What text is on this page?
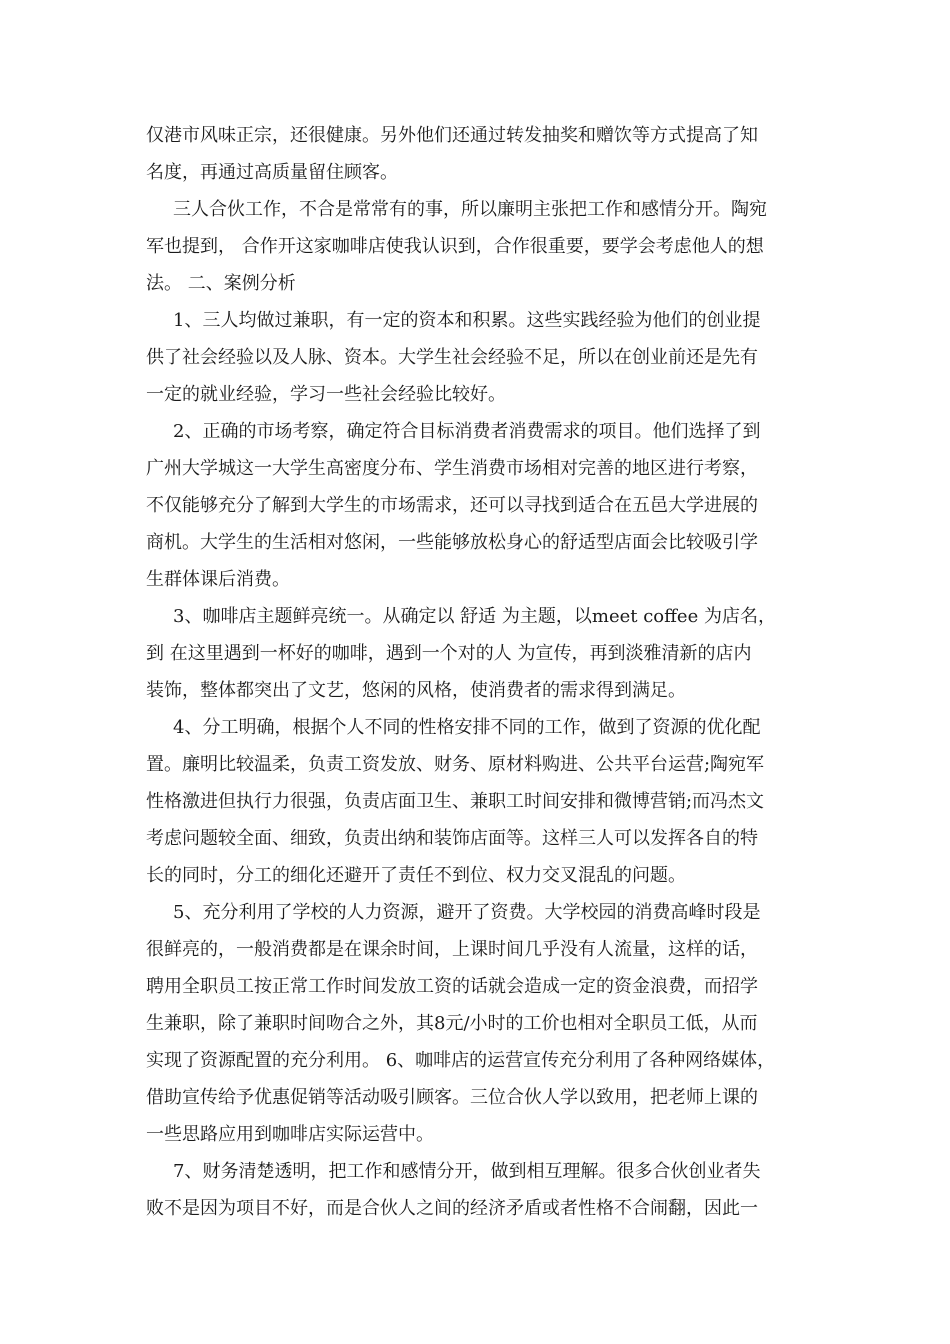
仅港市风味正宗，还很健康。另外他们还通过转发抽奖和赠饮等方式提高了知
名度，再通过高质量留住顾客。
三人合伙工作，不合是常常有的事，所以廉明主张把工作和感情分开。陶宛
军也提到， 合作开这家咖啡店使我认识到，合作很重要，要学会考虑他人的想
法。 二、案例分析
1、三人均做过兼职，有一定的资本和积累。这些实践经验为他们的创业提
供了社会经验以及人脉、资本。大学生社会经验不足，所以在创业前还是先有
一定的就业经验，学习一些社会经验比较好。
2、正确的市场考察，确定符合目标消费者消费需求的项目。他们选择了到
广州大学城这一大学生高密度分布、学生消费市场相对完善的地区进行考察，
不仅能够充分了解到大学生的市场需求，还可以寻找到适合在五邑大学进展的
商机。大学生的生活相对悠闲，一些能够放松身心的舒适型店面会比较吸引学
生群体课后消费。
3、咖啡店主题鲜亮统一。从确定以 舒适 为主题，以meet coffee 为店名，
到 在这里遇到一杯好的咖啡，遇到一个对的人 为宣传，再到淡雅清新的店内
装饰，整体都突出了文艺，悠闲的风格，使消费者的需求得到满足。
4、分工明确，根据个人不同的性格安排不同的工作，做到了资源的优化配
置。廉明比较温柔，负责工资发放、财务、原材料购进、公共平台运营;陶宛军
性格激进但执行力很强，负责店面卫生、兼职工时间安排和微博营销;而冯杰文
考虑问题较全面、细致，负责出纳和装饰店面等。这样三人可以发挥各自的特
长的同时，分工的细化还避开了责任不到位、权力交叉混乱的问题。
5、充分利用了学校的人力资源，避开了资费。大学校园的消费高峰时段是
很鲜亮的，一般消费都是在课余时间，上课时间几乎没有人流量，这样的话，
聘用全职员工按正常工作时间发放工资的话就会造成一定的资金浪费，而招学
生兼职，除了兼职时间吻合之外，其8元/小时的工价也相对全职员工低，从而
实现了资源配置的充分利用。 6、咖啡店的运营宣传充分利用了各种网络媒体，
借助宣传给予优惠促销等活动吸引顾客。三位合伙人学以致用，把老师上课的
一些思路应用到咖啡店实际运营中。
7、财务清楚透明，把工作和感情分开，做到相互理解。很多合伙创业者失
败不是因为项目不好，而是合伙人之间的经济矛盾或者性格不合闹翻，因此一
